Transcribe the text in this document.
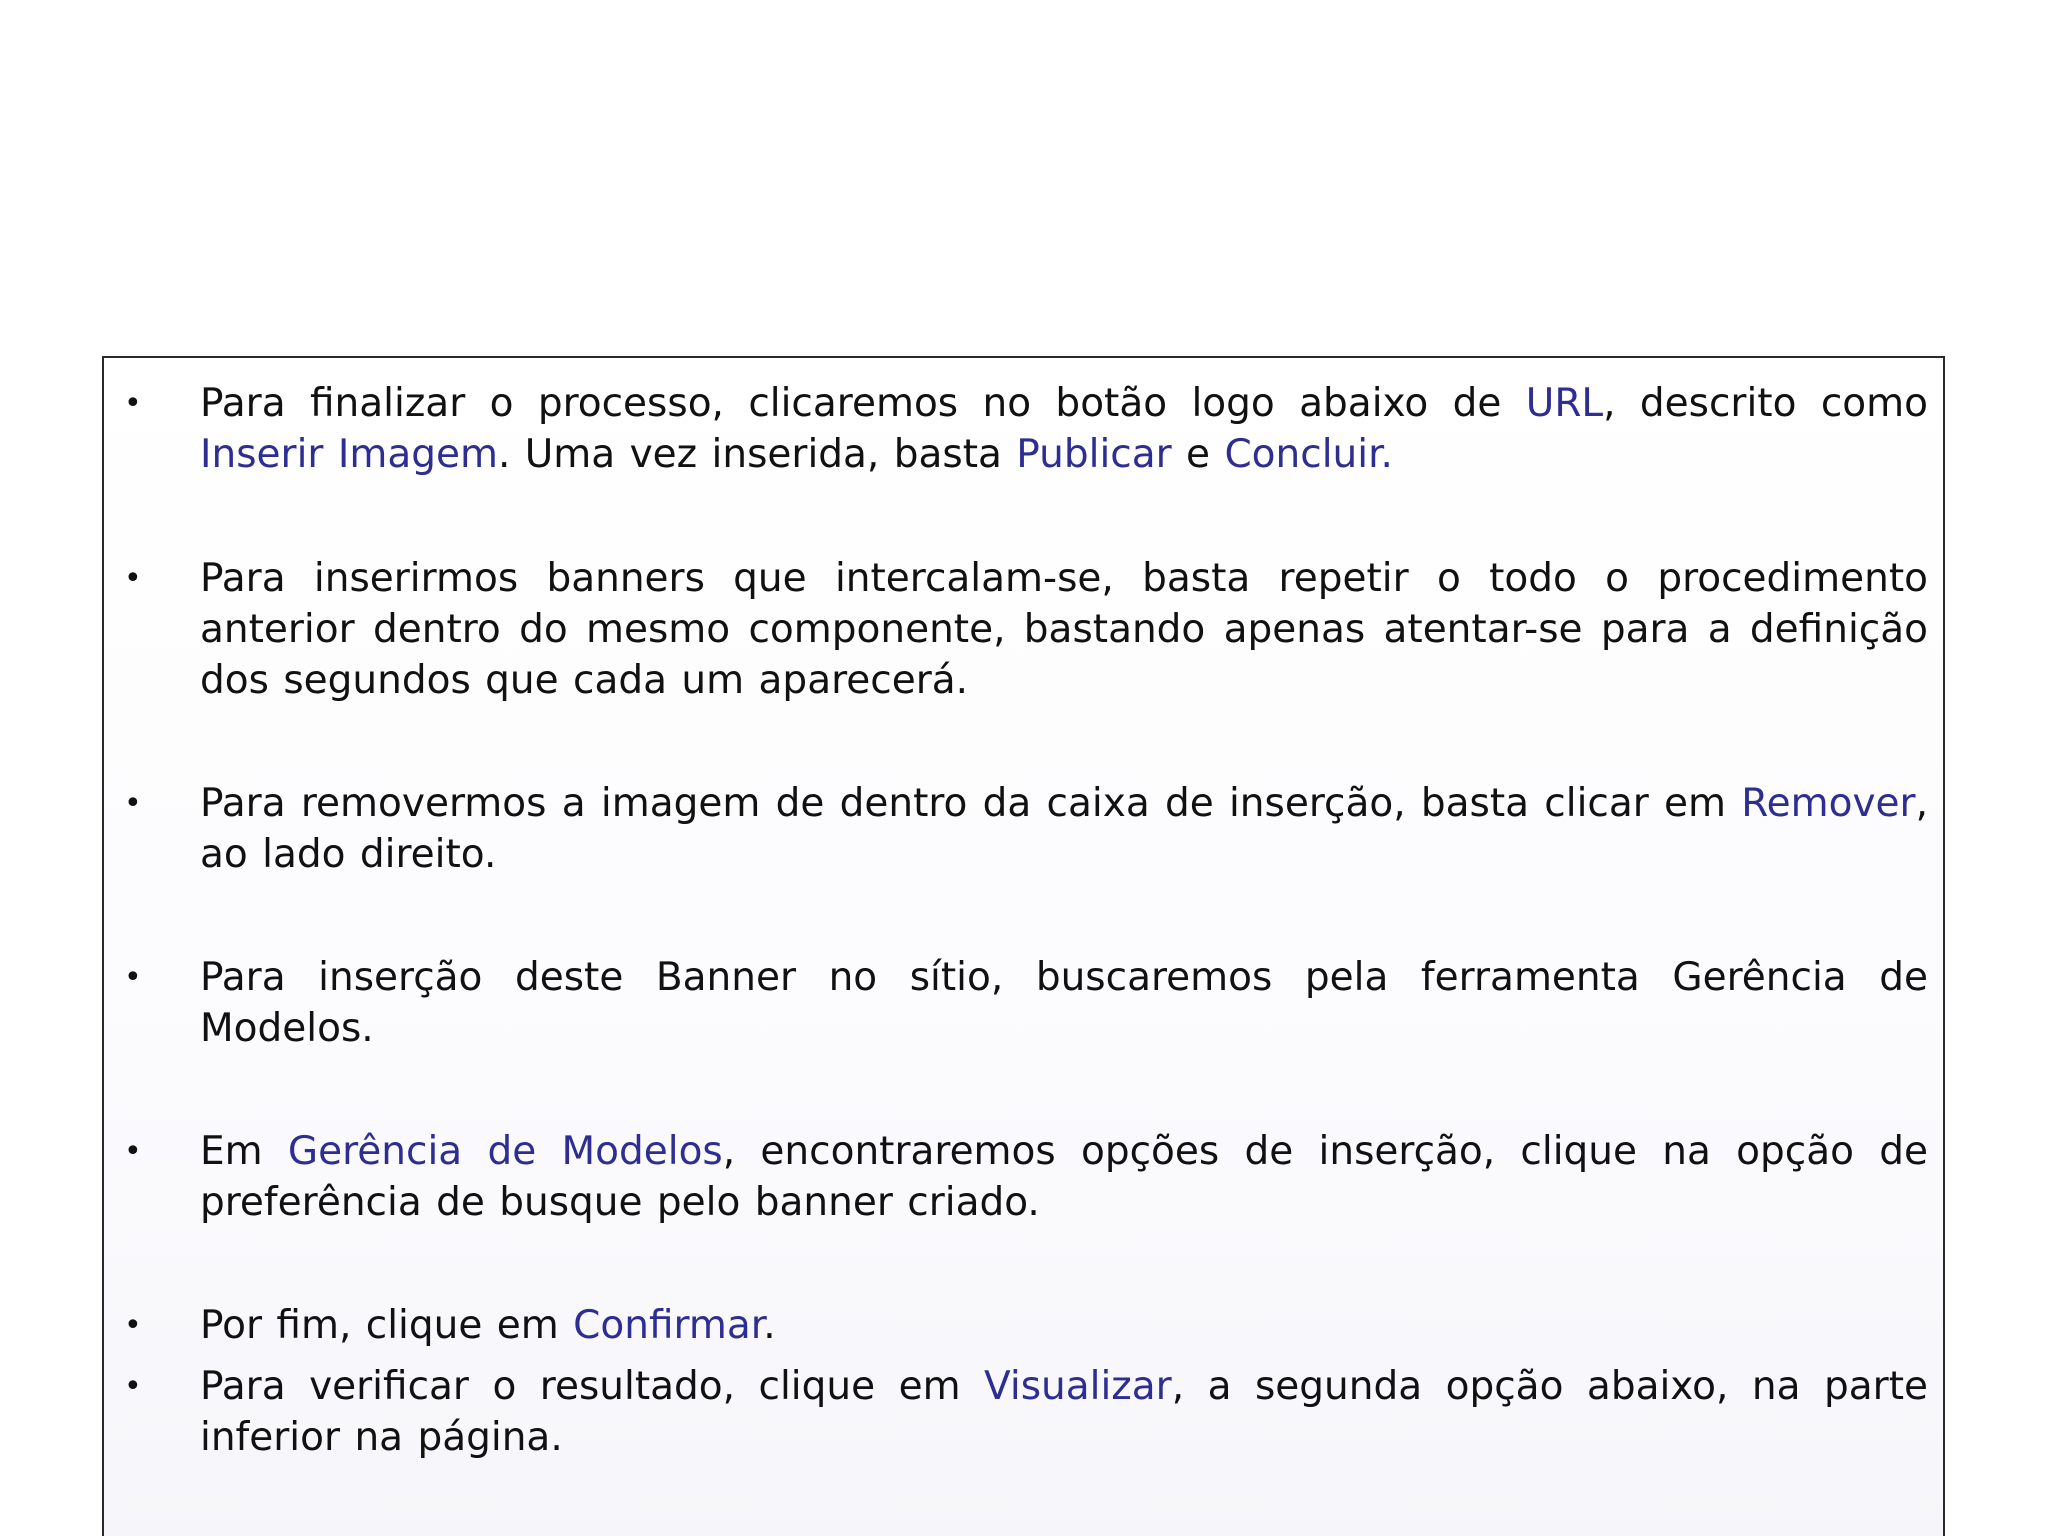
• Para finalizar o processo, clicaremos no botão logo abaixo de URL, descrito como Inserir Imagem. Uma vez inserida, basta Publicar e Concluir.

• Para inserirmos banners que intercalam-se, basta repetir o todo o procedimento anterior dentro do mesmo componente, bastando apenas atentar-se para a definição dos segundos que cada um aparecerá.

• Para removermos a imagem de dentro da caixa de inserção, basta clicar em Remover, ao lado direito.

• Para inserção deste Banner no sítio, buscaremos pela ferramenta Gerência de Modelos.

• Em Gerência de Modelos, encontraremos opções de inserção, clique na opção de preferência de busque pelo banner criado.

• Por fim, clique em Confirmar.

• Para verificar o resultado, clique em Visualizar, a segunda opção abaixo, na parte inferior na página.
